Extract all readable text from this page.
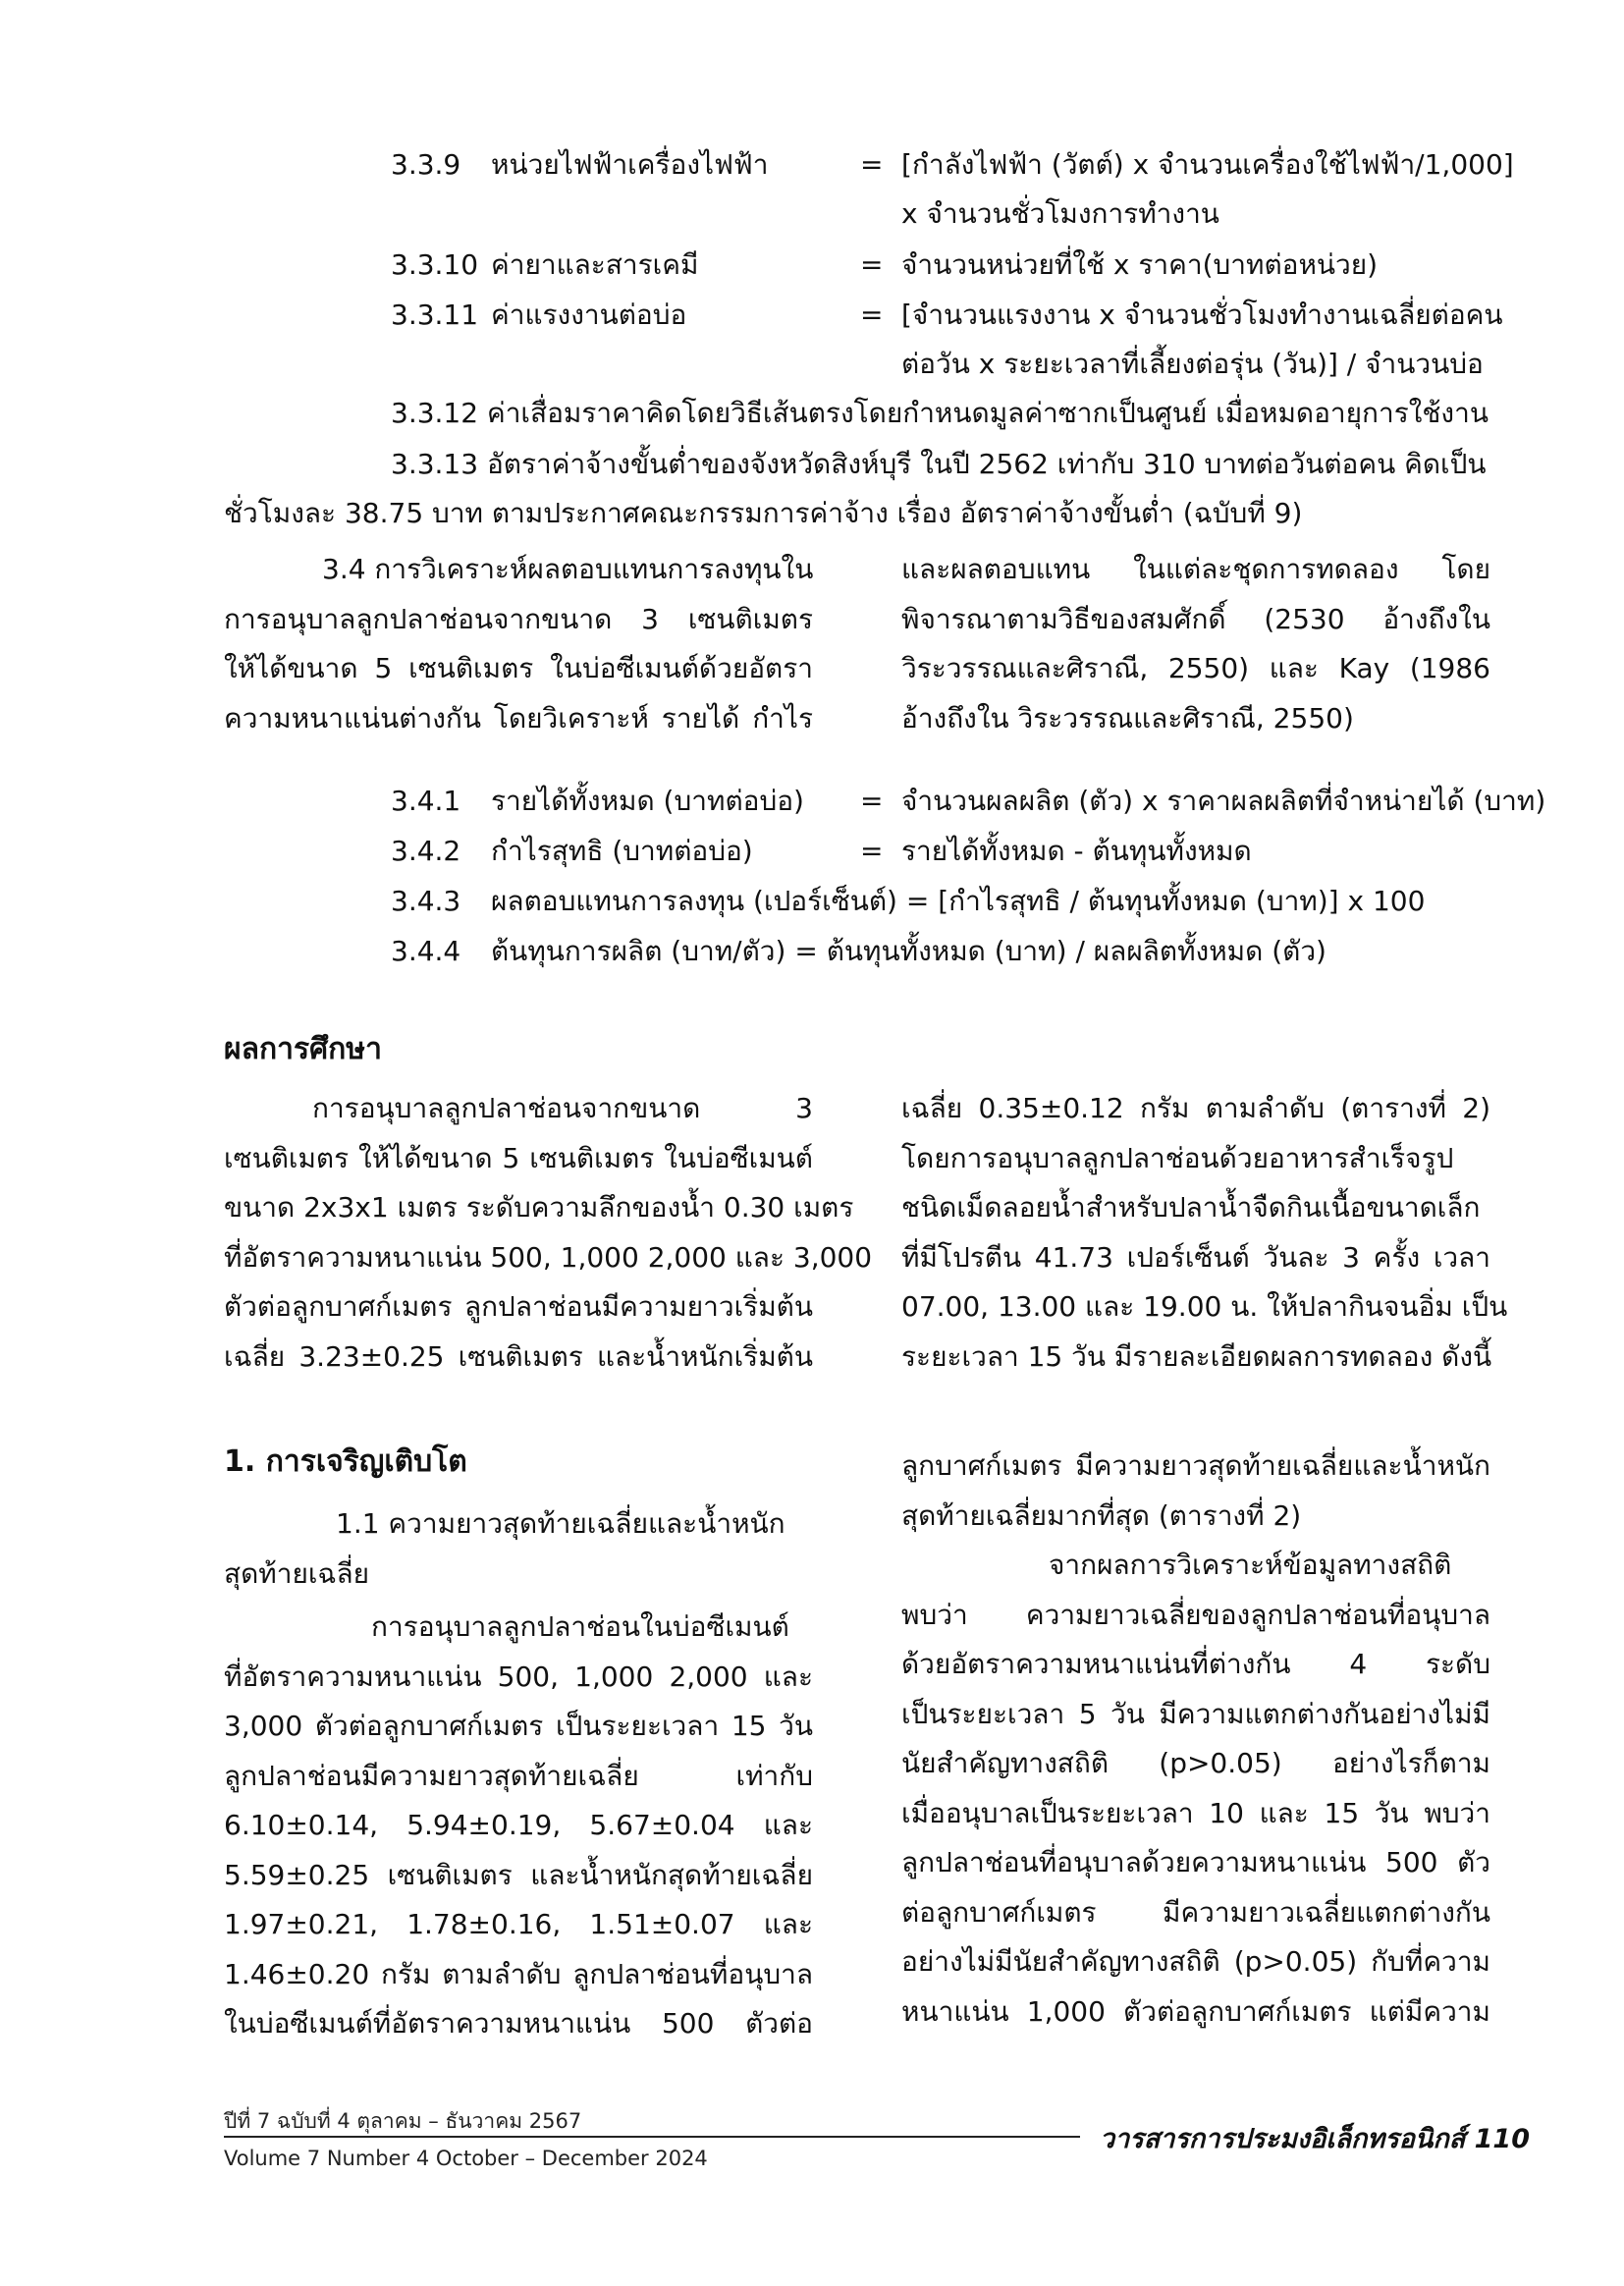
3.3.9 หน่วยไฟฟ้าเครื่องไฟฟ้า	= [กำลังไฟฟ้า (วัตต์) x จำนวนเครื่องใช้ไฟฟ้า/1,000]
x จำนวนชั่วโมงการทำงาน
3.3.10 ค่ายาและสารเคมี	= จำนวนหน่วยที่ใช้ x ราคา(บาทต่อหน่วย)
3.3.11 ค่าแรงงานต่อบ่อ	= [จำนวนแรงงาน x จำนวนชั่วโมงทำงานเฉลี่ยต่อคน
ต่อวัน x ระยะเวลาที่เลี้ยงต่อรุ่น (วัน)] / จำนวนบ่อ
3.3.12 ค่าเสื่อมราคาคิดโดยวิธีเส้นตรงโดยกำหนดมูลค่าซากเป็นศูนย์ เมื่อหมดอายุการใช้งาน
3.3.13 อัตราค่าจ้างขั้นต่ำของจังหวัดสิงห์บุรี ในปี 2562 เท่ากับ 310 บาทต่อวันต่อคน คิดเป็น
ชั่วโมงละ 38.75 บาท ตามประกาศคณะกรรมการค่าจ้าง เรื่อง อัตราค่าจ้างขั้นต่ำ (ฉบับที่ 9)
3.4 การวิเคราะห์ผลตอบแทนการลงทุนใน
การอนุบาลลูกปลาช่อนจากขนาด 3 เซนติเมตร
ให้ได้ขนาด 5 เซนติเมตร ในบ่อซีเมนต์ด้วยอัตรา
ความหนาแน่นต่างกัน โดยวิเคราะห์ รายได้ กำไร
และผลตอบแทน ในแต่ละชุดการทดลอง โดย
พิจารณาตามวิธีของสมศักดิ์ (2530 อ้างถึงใน
วิระวรรณและศิราณี, 2550) และ Kay (1986
อ้างถึงใน วิระวรรณและศิราณี, 2550)
3.4.1 รายได้ทั้งหมด (บาทต่อบ่อ) = จำนวนผลผลิต (ตัว) x ราคาผลผลิตที่จำหน่ายได้ (บาท)
3.4.2 กำไรสุทธิ (บาทต่อบ่อ)	= รายได้ทั้งหมด - ต้นทุนทั้งหมด
3.4.3 ผลตอบแทนการลงทุน (เปอร์เซ็นต์) = [กำไรสุทธิ / ต้นทุนทั้งหมด (บาท)] x 100
3.4.4 ต้นทุนการผลิต (บาท/ตัว) = ต้นทุนทั้งหมด (บาท) / ผลผลิตทั้งหมด (ตัว)
ผลการศึกษา
การอนุบาลลูกปลาช่อนจากขนาด 3
เซนติเมตร ให้ได้ขนาด 5 เซนติเมตร ในบ่อซีเมนต์
ขนาด 2x3x1 เมตร ระดับความลึกของน้ำ 0.30 เมตร
ที่อัตราความหนาแน่น 500, 1,000 2,000 และ 3,000
ตัวต่อลูกบาศก์เมตร ลูกปลาช่อนมีความยาวเริ่มต้น
เฉลี่ย 3.23±0.25 เซนติเมตร และน้ำหนักเริ่มต้น
เฉลี่ย 0.35±0.12 กรัม ตามลำดับ (ตารางที่ 2)
โดยการอนุบาลลูกปลาช่อนด้วยอาหารสำเร็จรูป
ชนิดเม็ดลอยน้ำสำหรับปลาน้ำจืดกินเนื้อขนาดเล็ก
ที่มีโปรตีน 41.73 เปอร์เซ็นต์ วันละ 3 ครั้ง เวลา
07.00, 13.00 และ 19.00 น. ให้ปลากินจนอิ่ม เป็น
ระยะเวลา 15 วัน มีรายละเอียดผลการทดลอง ดังนี้
1. การเจริญเติบโต
1.1 ความยาวสุดท้ายเฉลี่ยและน้ำหนัก
สุดท้ายเฉลี่ย
การอนุบาลลูกปลาช่อนในบ่อซีเมนต์
ที่อัตราความหนาแน่น 500, 1,000 2,000 และ
3,000 ตัวต่อลูกบาศก์เมตร เป็นระยะเวลา 15 วัน
ลูกปลาช่อนมีความยาวสุดท้ายเฉลี่ย เท่ากับ
6.10±0.14, 5.94±0.19, 5.67±0.04 และ
5.59±0.25 เซนติเมตร และน้ำหนักสุดท้ายเฉลี่ย
1.97±0.21, 1.78±0.16, 1.51±0.07 และ
1.46±0.20 กรัม ตามลำดับ ลูกปลาช่อนที่อนุบาล
ในบ่อซีเมนต์ที่อัตราความหนาแน่น 500 ตัวต่อ
ลูกบาศก์เมตร มีความยาวสุดท้ายเฉลี่ยและน้ำหนัก
สุดท้ายเฉลี่ยมากที่สุด (ตารางที่ 2)
จากผลการวิเคราะห์ข้อมูลทางสถิติ
พบว่า ความยาวเฉลี่ยของลูกปลาช่อนที่อนุบาล
ด้วยอัตราความหนาแน่นที่ต่างกัน 4 ระดับ
เป็นระยะเวลา 5 วัน มีความแตกต่างกันอย่างไม่มี
นัยสำคัญทางสถิติ (p>0.05) อย่างไรก็ตาม
เมื่ออนุบาลเป็นระยะเวลา 10 และ 15 วัน พบว่า
ลูกปลาช่อนที่อนุบาลด้วยความหนาแน่น 500 ตัว
ต่อลูกบาศก์เมตร มีความยาวเฉลี่ยแตกต่างกัน
อย่างไม่มีนัยสำคัญทางสถิติ (p>0.05) กับที่ความ
หนาแน่น 1,000 ตัวต่อลูกบาศก์เมตร แต่มีความ
ปีที่ 7 ฉบับที่ 4 ตุลาคม – ธันวาคม 2567
Volume 7 Number 4 October – December 2024
วารสารการประมงอิเล็กทรอนิกส์ 110
